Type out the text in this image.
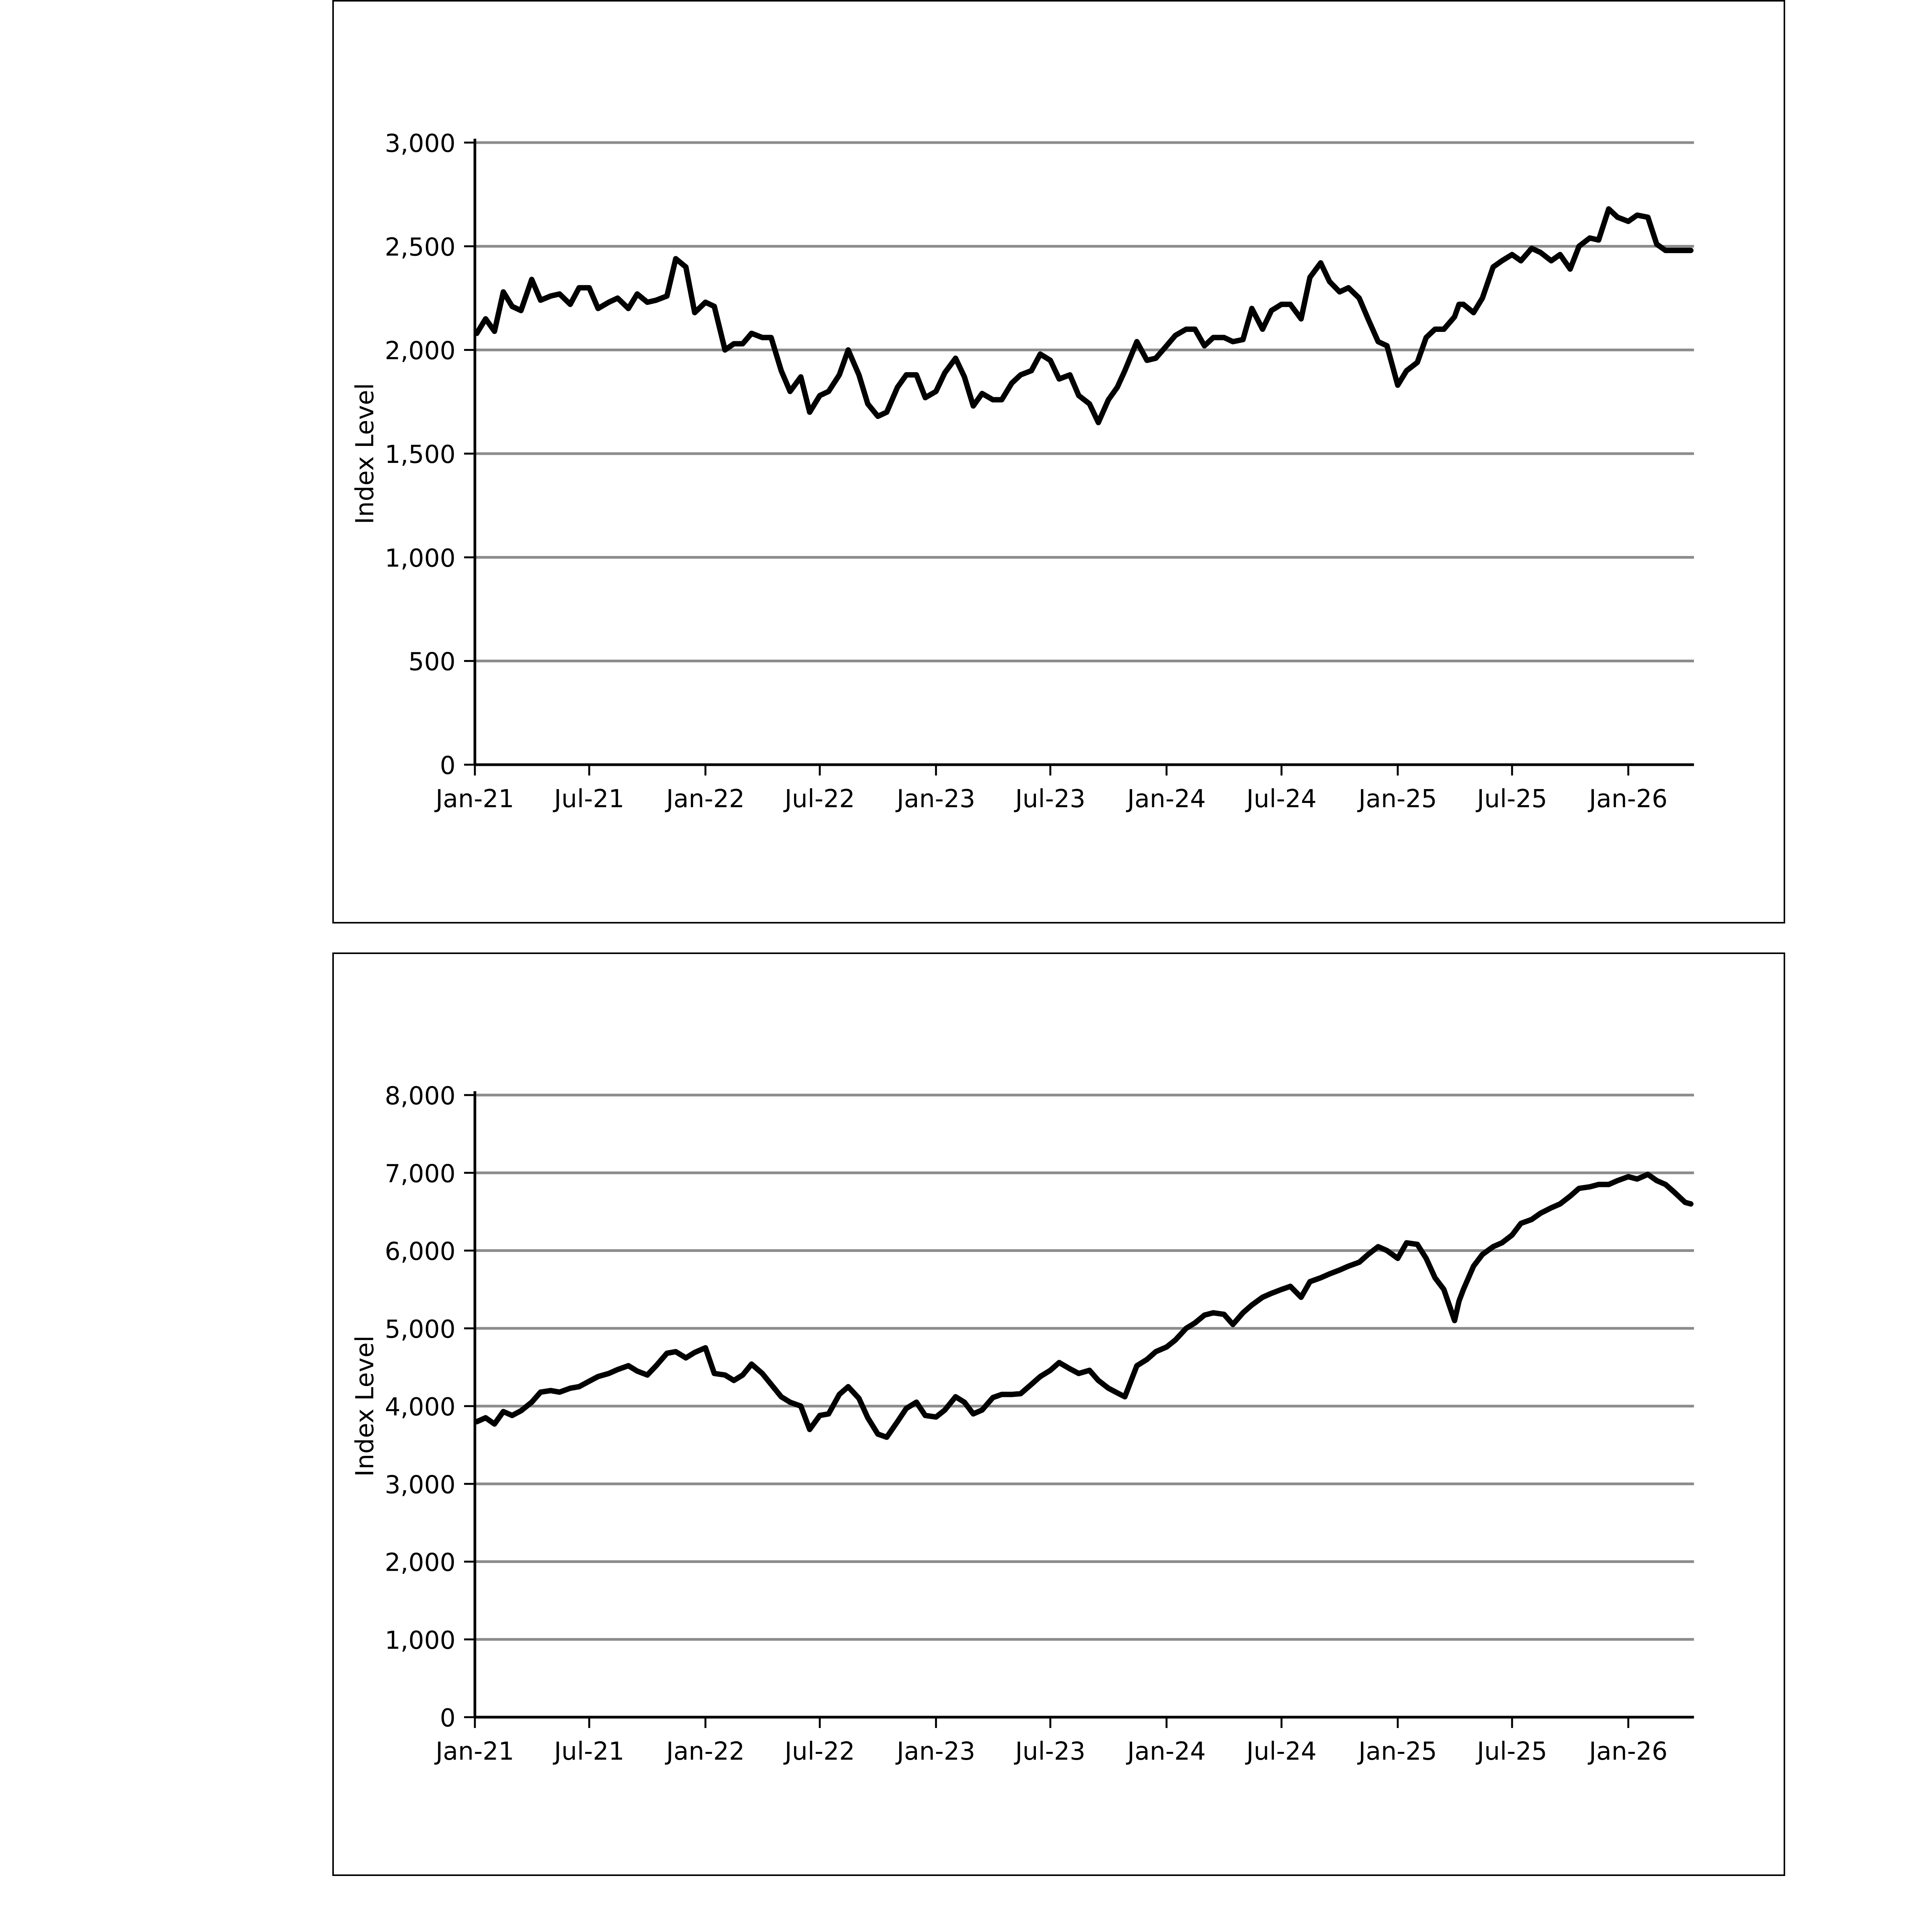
0
500
1,000
1,500
2,000
2,500
3,000
Jan-21 Jul-21 Jan-22 Jul-22 Jan-23 Jul-23 Jan-24 Jul-24 Jan-25 Jul-25 Jan-26
Index Level
0
1,000
2,000
3,000
4,000
5,000
6,000
7,000
8,000
Jan-21 Jul-21 Jan-22 Jul-22 Jan-23 Jul-23 Jan-24 Jul-24 Jan-25 Jul-25 Jan-26
Index Level
